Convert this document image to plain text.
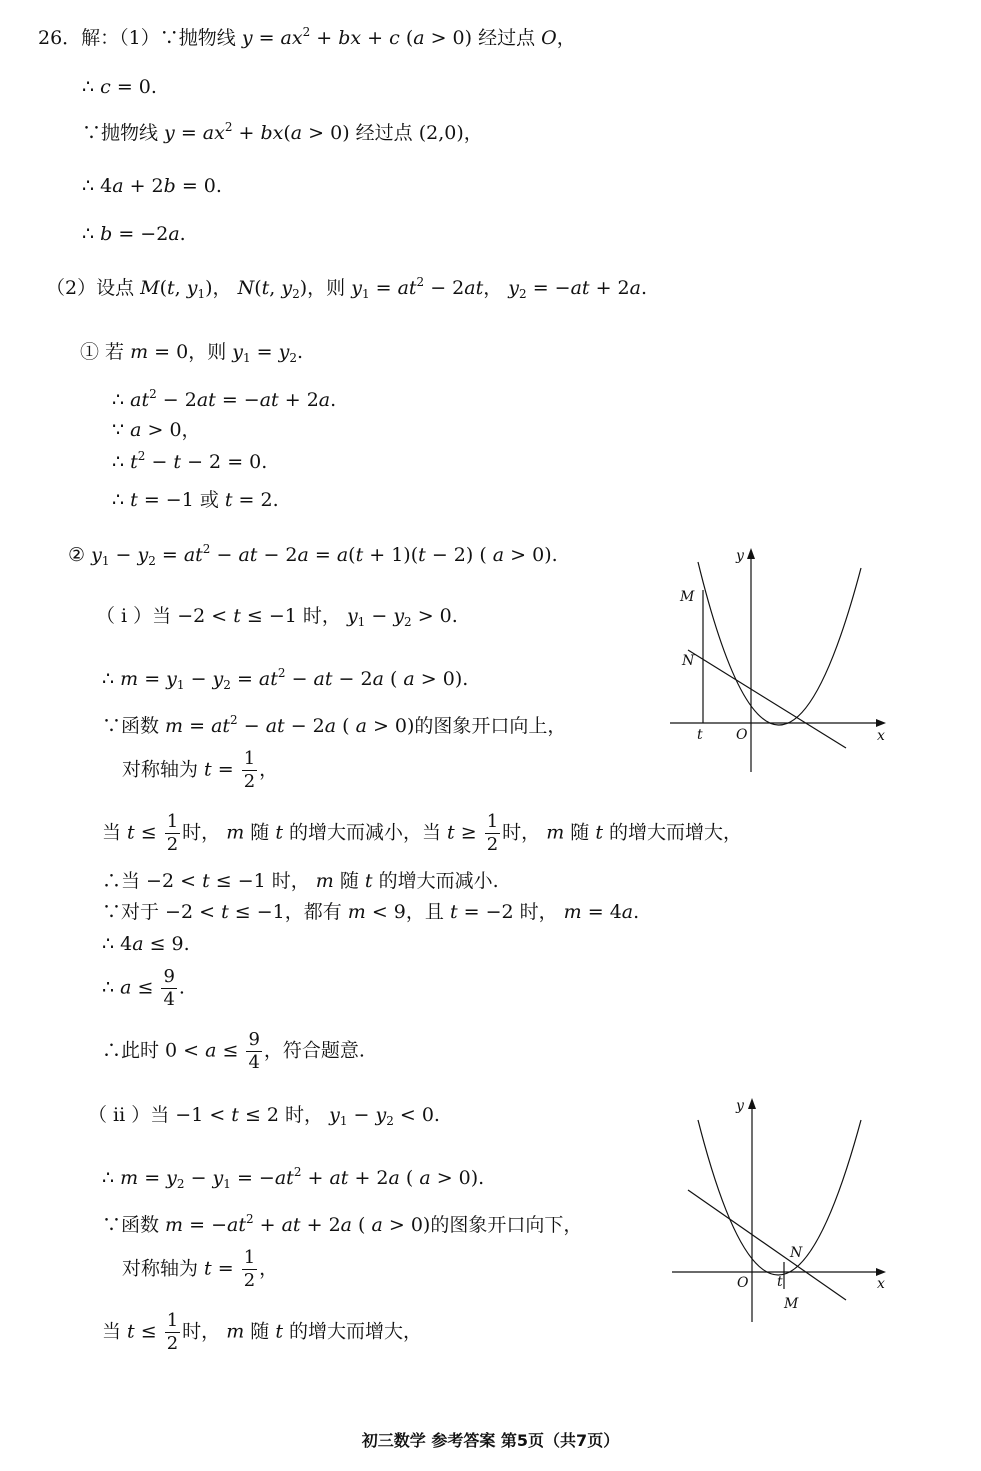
26．解：（1）∵抛物线 $y = ax^2$ + bx + c (a > 0) 经过点 O，
∴ c = 0.
∵抛物线 $y = ax^2 + bx(a > 0)$ 经过点 (2,0)，
∴ 4a + 2b = 0.
∴ b = −2a.
（2）设点 M(t, $y_1$)， N(t, $y_2$)，则 $y_1 = at^2 - 2at$， $y_2 = -at + 2a$.
① 若 m = 0，则 $y_1 = y_2$.
∴ $at^2 - 2at = -at + 2a$.
∵ a > 0，
∴ $t^2 - t - 2 = 0$.
∴ t = −1 或 t = 2.
② $y_1 - y_2 = at^2$ − at − 2a = a(t + 1)(t − 2) ( a > 0).
（ i ）当 −2 < t ≤ −1 时， $y_1 - y_2 > 0$.
∴ $m = y_1 - y_2 = at^2$ − at − 2a ( a > 0).
∵函数 $m = at^2$ − at − 2a ( a > 0)的图象开口向上，
对称轴为 $t = \frac{1}{2}$ ，
当 $t \le \frac{1}{2}$ 时， m 随 t 的增大而减小，当 $t \ge \frac{1}{2}$ 时， m 随 t 的增大而增大，
∴当 −2 < t ≤ −1 时， m 随 t 的增大而减小.
∵对于 −2 < t ≤ −1，都有 m < 9，且 t = −2 时， m = 4a.
∴ 4a ≤ 9.
∴ $a \le \frac{9}{4}$ .
∴此时 $0 < a \le \frac{9}{4}$ ，符合题意.
（ ii ）当 −1 < t ≤ 2 时， $y_1 - y_2 < 0$.
∴ $m = y_2 - y_1 = -at^2$ + at + 2a ( a > 0).
∵函数 $m = -at^2$ + at + 2a ( a > 0)的图象开口向下，
对称轴为 $t = \frac{1}{2}$ ，
当 $t \le \frac{1}{2}$ 时， m 随 t 的增大而增大，
y
x
O
t
M
N
y
x
O t
M
N
初三数学 参考答案 第5页（共7页）
